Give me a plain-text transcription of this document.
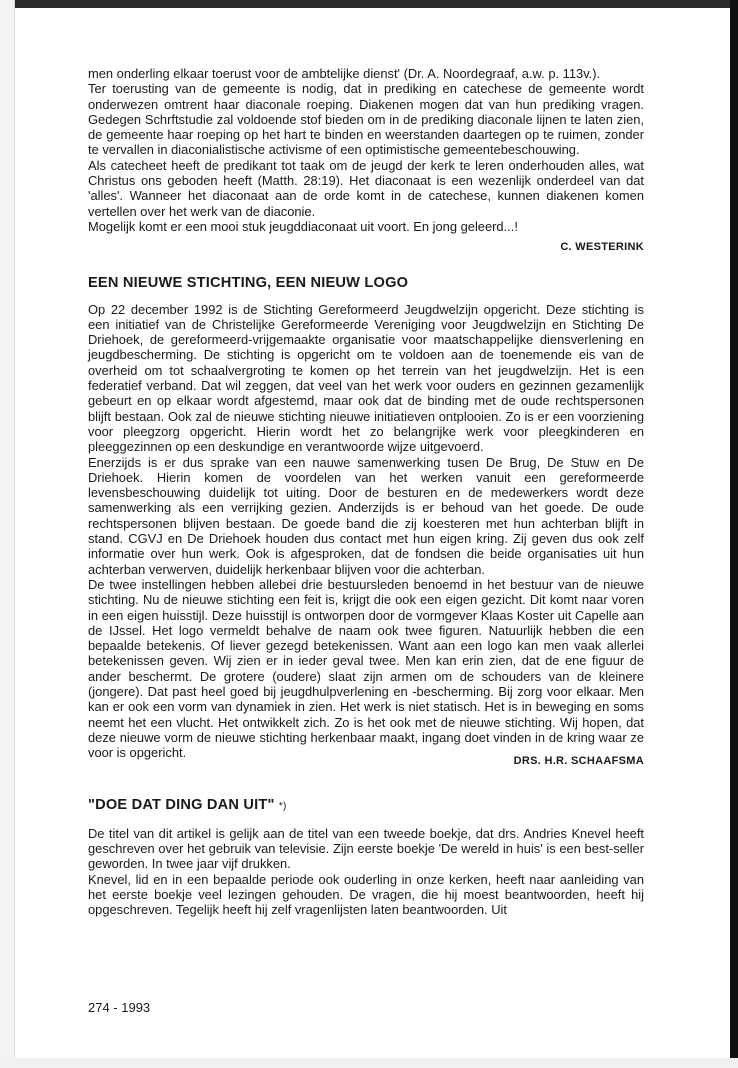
men onderling elkaar toerust voor de ambtelijke dienst' (Dr. A. Noordegraaf, a.w. p. 113v.).

Ter toerusting van de gemeente is nodig, dat in prediking en catechese de gemeente wordt onderwezen omtrent haar diaconale roeping. Diakenen mogen dat van hun prediking vragen. Gedegen Schrftstudie zal voldoende stof bieden om in de prediking diaconale lijnen te laten zien, de gemeente haar roeping op het hart te binden en weerstanden daartegen op te ruimen, zonder te vervallen in diaconialistische activisme of een optimistische gemeentebeschouwing.

Als catecheet heeft de predikant tot taak om de jeugd der kerk te leren onderhouden alles, wat Christus ons geboden heeft (Matth. 28:19). Het diaconaat is een wezenlijk onderdeel van dat 'alles'. Wanneer het diaconaat aan de orde komt in de catechese, kunnen diakenen komen vertellen over het werk van de diaconie.

Mogelijk komt er een mooi stuk jeugddiaconaat uit voort. En jong geleerd...!

C. WESTERINK
EEN NIEUWE STICHTING, EEN NIEUW LOGO

Op 22 december 1992 is de Stichting Gereformeerd Jeugdwelzijn opgericht. Deze stichting is een initiatief van de Christelijke Gereformeerde Vereniging voor Jeugdwelzijn en Stichting De Driehoek, de gereformeerd-vrijgemaakte organisatie voor maatschappelijke diensverlening en jeugdbescherming. De stichting is opgericht om te voldoen aan de toenemende eis van de overheid om tot schaalvergroting te komen op het terrein van het jeugdwelzijn. Het is een federatief verband. Dat wil zeggen, dat veel van het werk voor ouders en gezinnen gezamenlijk gebeurt en op elkaar wordt afgestemd, maar ook dat de binding met de oude rechtspersonen blijft bestaan. Ook zal de nieuwe stichting nieuwe initiatieven ontplooien. Zo is er een voorziening voor pleegzorg opgericht. Hierin wordt het zo belangrijke werk voor pleegkinderen en pleeggezinnen op een deskundige en verantwoorde wijze uitgevoerd.

Enerzijds is er dus sprake van een nauwe samenwerking tusen De Brug, De Stuw en De Driehoek. Hierin komen de voordelen van het werken vanuit een gereformeerde levensbeschouwing duidelijk tot uiting. Door de besturen en de medewerkers wordt deze samenwerking als een verrijking gezien. Anderzijds is er behoud van het goede. De oude rechtspersonen blijven bestaan. De goede band die zij koesteren met hun achterban blijft in stand. CGVJ en De Driehoek houden dus contact met hun eigen kring. Zij geven dus ook zelf informatie over hun werk. Ook is afgesproken, dat de fondsen die beide organisaties uit hun achterban verwerven, duidelijk herkenbaar blijven voor die achterban.

De twee instellingen hebben allebei drie bestuursleden benoemd in het bestuur van de nieuwe stichting. Nu de nieuwe stichting een feit is, krijgt die ook een eigen gezicht. Dit komt naar voren in een eigen huisstijl. Deze huisstijl is ontworpen door de vormgever Klaas Koster uit Capelle aan de IJssel. Het logo vermeldt behalve de naam ook twee figuren. Natuurlijk hebben die een bepaalde betekenis. Of liever gezegd betekenissen. Want aan een logo kan men vaak allerlei betekenissen geven. Wij zien er in ieder geval twee. Men kan erin zien, dat de ene figuur de ander beschermt. De grotere (oudere) slaat zijn armen om de schouders van de kleinere (jongere). Dat past heel goed bij jeugdhulpverlening en -bescherming. Bij zorg voor elkaar. Men kan er ook een vorm van dynamiek in zien. Het werk is niet statisch. Het is in beweging en soms neemt het een vlucht. Het ontwikkelt zich. Zo is het ook met de nieuwe stichting. Wij hopen, dat deze nieuwe vorm de nieuwe stichting herkenbaar maakt, ingang doet vinden in de kring waar ze voor is opgericht.

DRS. H.R. SCHAAFSMA
"DOE DAT DING DAN UIT" *)

De titel van dit artikel is gelijk aan de titel van een tweede boekje, dat drs. Andries Knevel heeft geschreven over het gebruik van televisie. Zijn eerste boekje 'De wereld in huis' is een best-seller geworden. In twee jaar vijf drukken.

Knevel, lid en in een bepaalde periode ook ouderling in onze kerken, heeft naar aanleiding van het eerste boekje veel lezingen gehouden. De vragen, die hij moest beantwoorden, heeft hij opgeschreven. Tegelijk heeft hij zelf vragenlijsten laten beantwoorden. Uit

274 - 1993
